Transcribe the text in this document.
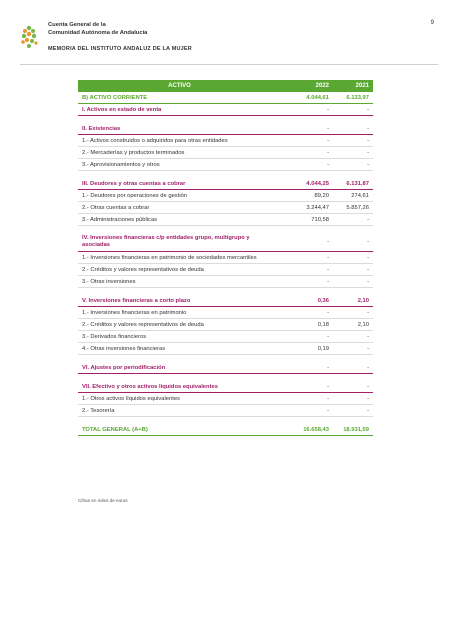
Cuenta General de la
Comunidad Autónoma de Andalucía
MEMORIA DEL INSTITUTO ANDALUZ DE LA MUJER
9
ACTIVO	2022	2021
B) ACTIVO CORRIENTE	4.044,61	6.133,97
I. Activos en estado de venta	-	-

II. Existencias	-	-
1.- Activos construidos o adquiridos para otras entidades	-	-
2.- Mercaderías y productos terminados	-	-
3.- Aprovisionamientos y otros	-	-

III. Deudores y otras cuentas a cobrar	4.044,25	6.131,87
1.- Deudores por operaciones de gestión	89,20	274,61
2.- Otras cuentas a cobrar	3.244,47	5.857,26
3.- Administraciones públicas	710,58	-

IV. Inversiones financieras c/p entidades grupo, multigrupo y asociadas	-	-
1.- Inversiones financieras en patrimonio de sociedades mercantiles	-	-
2.- Créditos y valores representativos de deuda	-	-
3.- Otras inversiones	-	-

V. Inversiones financieras a corto plazo	0,36	2,10
1.- Inversiones financieras en patrimonio	-	-
2.- Créditos y valores representativos de deuda	0,18	2,10
3.- Derivados financieros	-	-
4.- Otras inversiones financieras	0,19	-

VI. Ajustes por periodificación	-	-

VII. Efectivo y otros activos líquidos equivalentes	-	-
1.- Otros activos líquidos equivalentes	-	-
2.- Tesorería	-	-

TOTAL GENERAL (A+B)	16.658,43	18.931,59
Cifras en miles de euros
